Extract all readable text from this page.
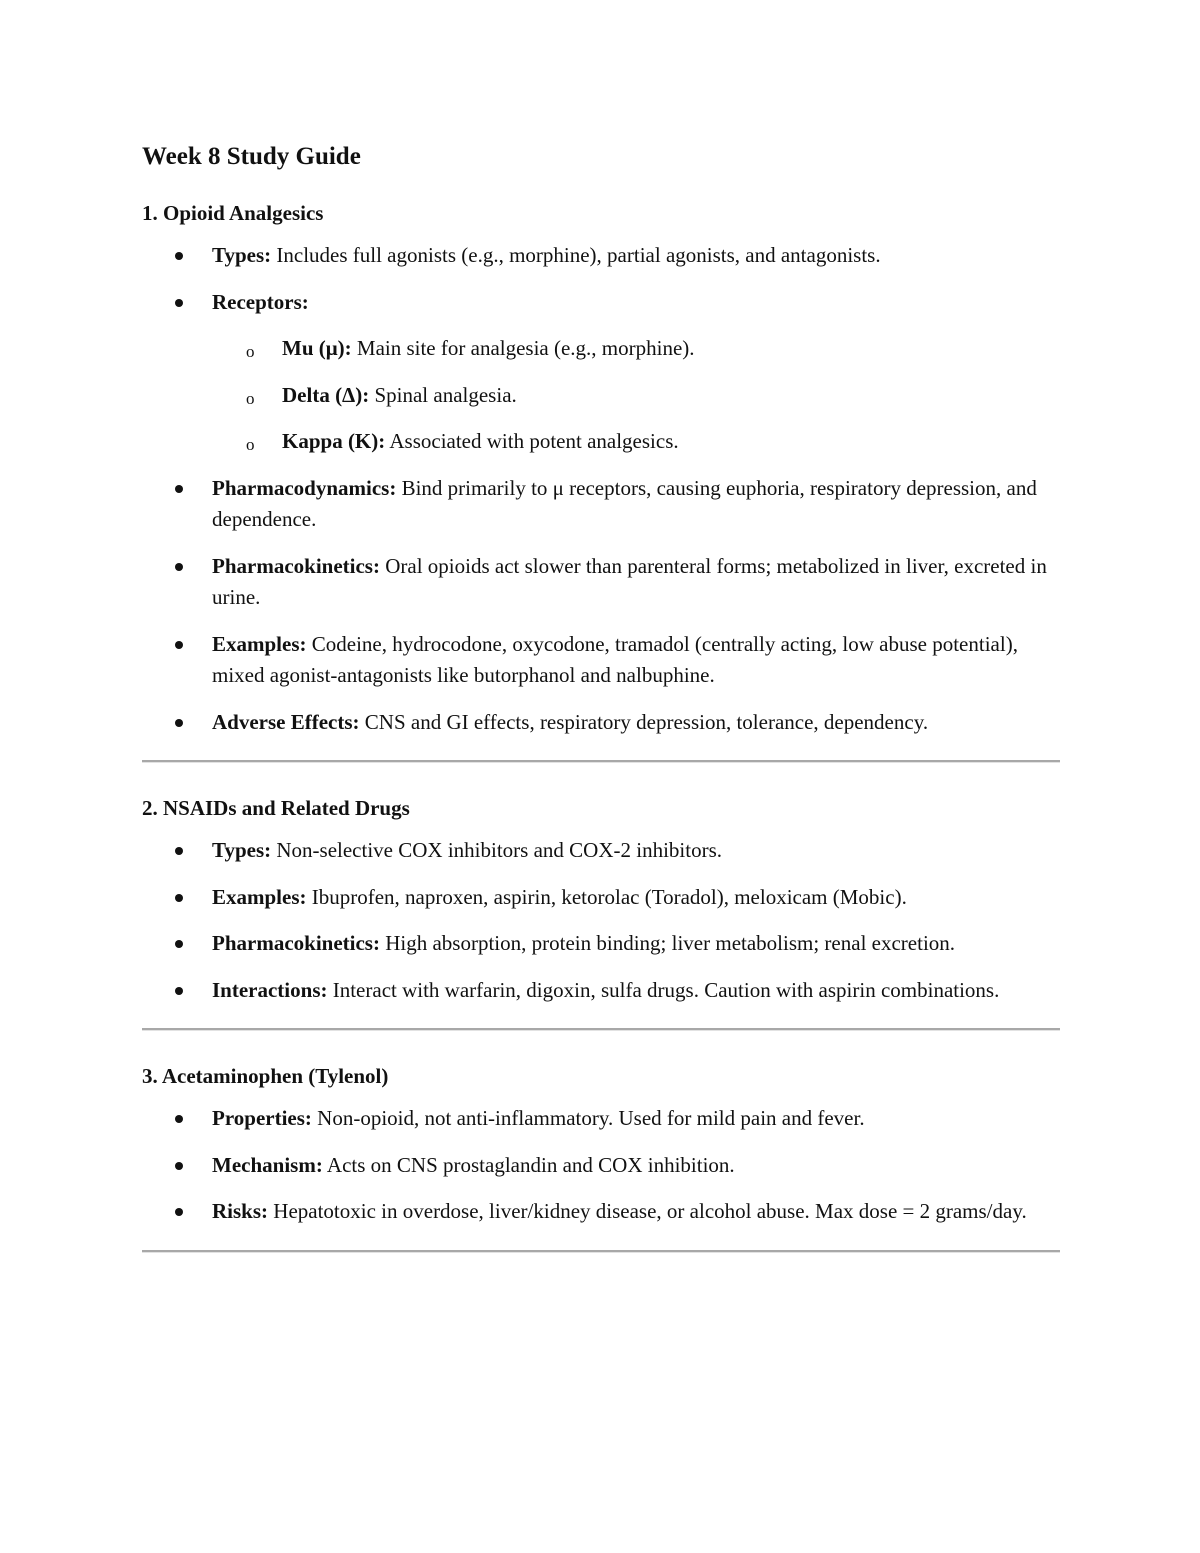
Week 8 Study Guide
1. Opioid Analgesics
Types: Includes full agonists (e.g., morphine), partial agonists, and antagonists.
Receptors:
o Mu (μ): Main site for analgesia (e.g., morphine).
o Delta (Δ): Spinal analgesia.
o Kappa (K): Associated with potent analgesics.
Pharmacodynamics: Bind primarily to μ receptors, causing euphoria, respiratory depression, and dependence.
Pharmacokinetics: Oral opioids act slower than parenteral forms; metabolized in liver, excreted in urine.
Examples: Codeine, hydrocodone, oxycodone, tramadol (centrally acting, low abuse potential), mixed agonist-antagonists like butorphanol and nalbuphine.
Adverse Effects: CNS and GI effects, respiratory depression, tolerance, dependency.
2. NSAIDs and Related Drugs
Types: Non-selective COX inhibitors and COX-2 inhibitors.
Examples: Ibuprofen, naproxen, aspirin, ketorolac (Toradol), meloxicam (Mobic).
Pharmacokinetics: High absorption, protein binding; liver metabolism; renal excretion.
Interactions: Interact with warfarin, digoxin, sulfa drugs. Caution with aspirin combinations.
3. Acetaminophen (Tylenol)
Properties: Non-opioid, not anti-inflammatory. Used for mild pain and fever.
Mechanism: Acts on CNS prostaglandin and COX inhibition.
Risks: Hepatotoxic in overdose, liver/kidney disease, or alcohol abuse. Max dose = 2 grams/day.
